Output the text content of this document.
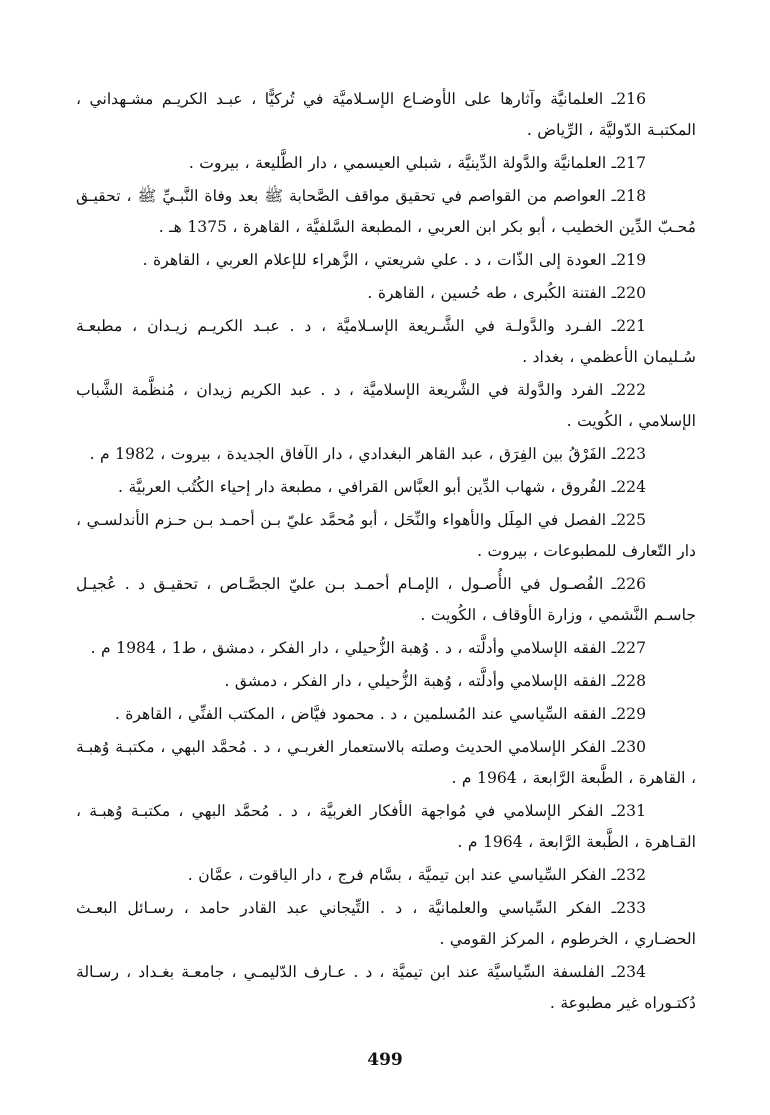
216ـ العلمانيَّة وآثارها على الأوضـاع الإسـلاميَّة في تُركيًّا ، عبـد الكريـم مشـهداني ، المكتبـة الدّوليَّة ، الرِّياض .

217ـ العلمانيَّة والدَّولة الدِّينيَّة ، شبلي العيسمي ، دار الطَّليعة ، بيروت .

218ـ العواصم من القواصم في تحقيق مواقف الصَّحابة ﷺ بعد وفاة النَّبـيِّ ﷺ ، تحقيـق مُحـبّ الدِّين الخطيب ، أبو بكر ابن العربي ، المطبعة السَّلفيَّة ، القاهرة ، 1375 هـ .

219ـ العودة إلى الذّات ، د . علي شريعتي ، الزَّهراء للإعلام العربي ، القاهرة .

220ـ الفتنة الكُبرى ، طه حُسين ، القاهرة .

221ـ الفـرد والدَّولـة في الشَّـريعة الإسـلاميَّة ، د . عبـد الكريـم زيـدان ، مطبعـة سُـليمان الأعظمي ، بغداد .

222ـ الفرد والدَّولة في الشَّريعة الإسلاميَّة ، د . عبد الكريم زيدان ، مُنظَّمة الشَّباب الإسلامي ، الكُويت .

223ـ الفَرْقُ بين الفِرَق ، عبد القاهر البغدادي ، دار الآفاق الجديدة ، بيروت ، 1982 م .

224ـ الفُروق ، شهاب الدِّين أبو العبَّاس القرافي ، مطبعة دار إحياء الكُتُب العربيَّة .

225ـ الفصل في المِلَل والأهواء والنِّحَل ، أبو مُحمَّد عليّ بـن أحمـد بـن حـزم الأندلسـي ، دار التّعارف للمطبوعات ، بيروت .

226ـ الفُصـول في الأُصـول ، الإمـام أحمـد بـن عليّ الجصَّـاص ، تحقيـق د . عُجيـل جاسـم النَّشمي ، وزارة الأوقاف ، الكُويت .

227ـ الفقه الإسلامي وأدلَّته ، د . وُهبة الزُّحيلي ، دار الفكر ، دمشق ، ط1 ، 1984 م .

228ـ الفقه الإسلامي وأدلَّته ، وُهبة الزُّحيلي ، دار الفكر ، دمشق .

229ـ الفقه السِّياسي عند المُسلمين ، د . محمود فيَّاض ، المكتب الفنِّي ، القاهرة .

230ـ الفكر الإسلامي الحديث وصلته بالاستعمار الغربـي ، د . مُحمَّد البهي ، مكتبـة وُهبـة ، القاهرة ، الطَّبعة الرَّابعة ، 1964 م .

231ـ الفكر الإسلامي في مُواجهة الأفكار الغربيَّة ، د . مُحمَّد البهي ، مكتبـة وُهبـة ، القـاهرة ، الطَّبعة الرَّابعة ، 1964 م .

232ـ الفكر السِّياسي عند ابن تيميَّة ، بسَّام فرج ، دار الياقوت ، عمَّان .

233ـ الفكر السِّياسي والعلمانيَّة ، د . التِّيجاني عبد القادر حامد ، رسـائل البعـث الحضـاري ، الخرطوم ، المركز القومي .

234ـ الفلسفة السِّياسيَّة عند ابن تيميَّة ، د . عـارف الدّليمـي ، جامعـة بغـداد ، رسـالة دُكتـوراه غير مطبوعة .

499
